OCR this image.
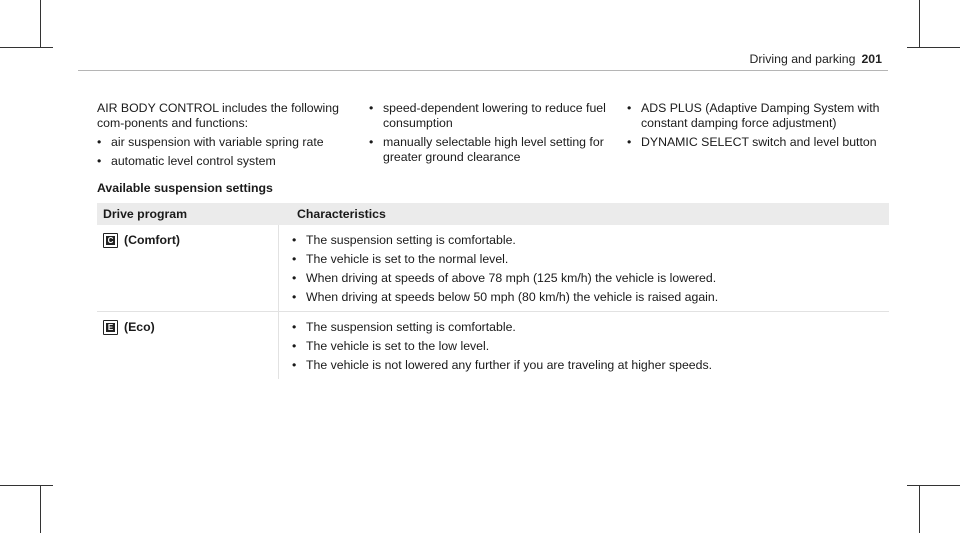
Driving and parking 201

AIR BODY CONTROL includes the following com-ponents and functions:

• air suspension with variable spring rate
• automatic level control system
• speed-dependent lowering to reduce fuel consumption
• manually selectable high level setting for greater ground clearance
• ADS PLUS (Adaptive Damping System with constant damping force adjustment)
• DYNAMIC SELECT switch and level button
Available suspension settings
Drive program	Characteristics
C (Comfort)	• The suspension setting is comfortable.
• The vehicle is set to the normal level.
• When driving at speeds of above 78 mph (125 km/h) the vehicle is lowered.
• When driving at speeds below 50 mph (80 km/h) the vehicle is raised again.
E (Eco)	• The suspension setting is comfortable.
• The vehicle is set to the low level.
• The vehicle is not lowered any further if you are traveling at higher speeds.
